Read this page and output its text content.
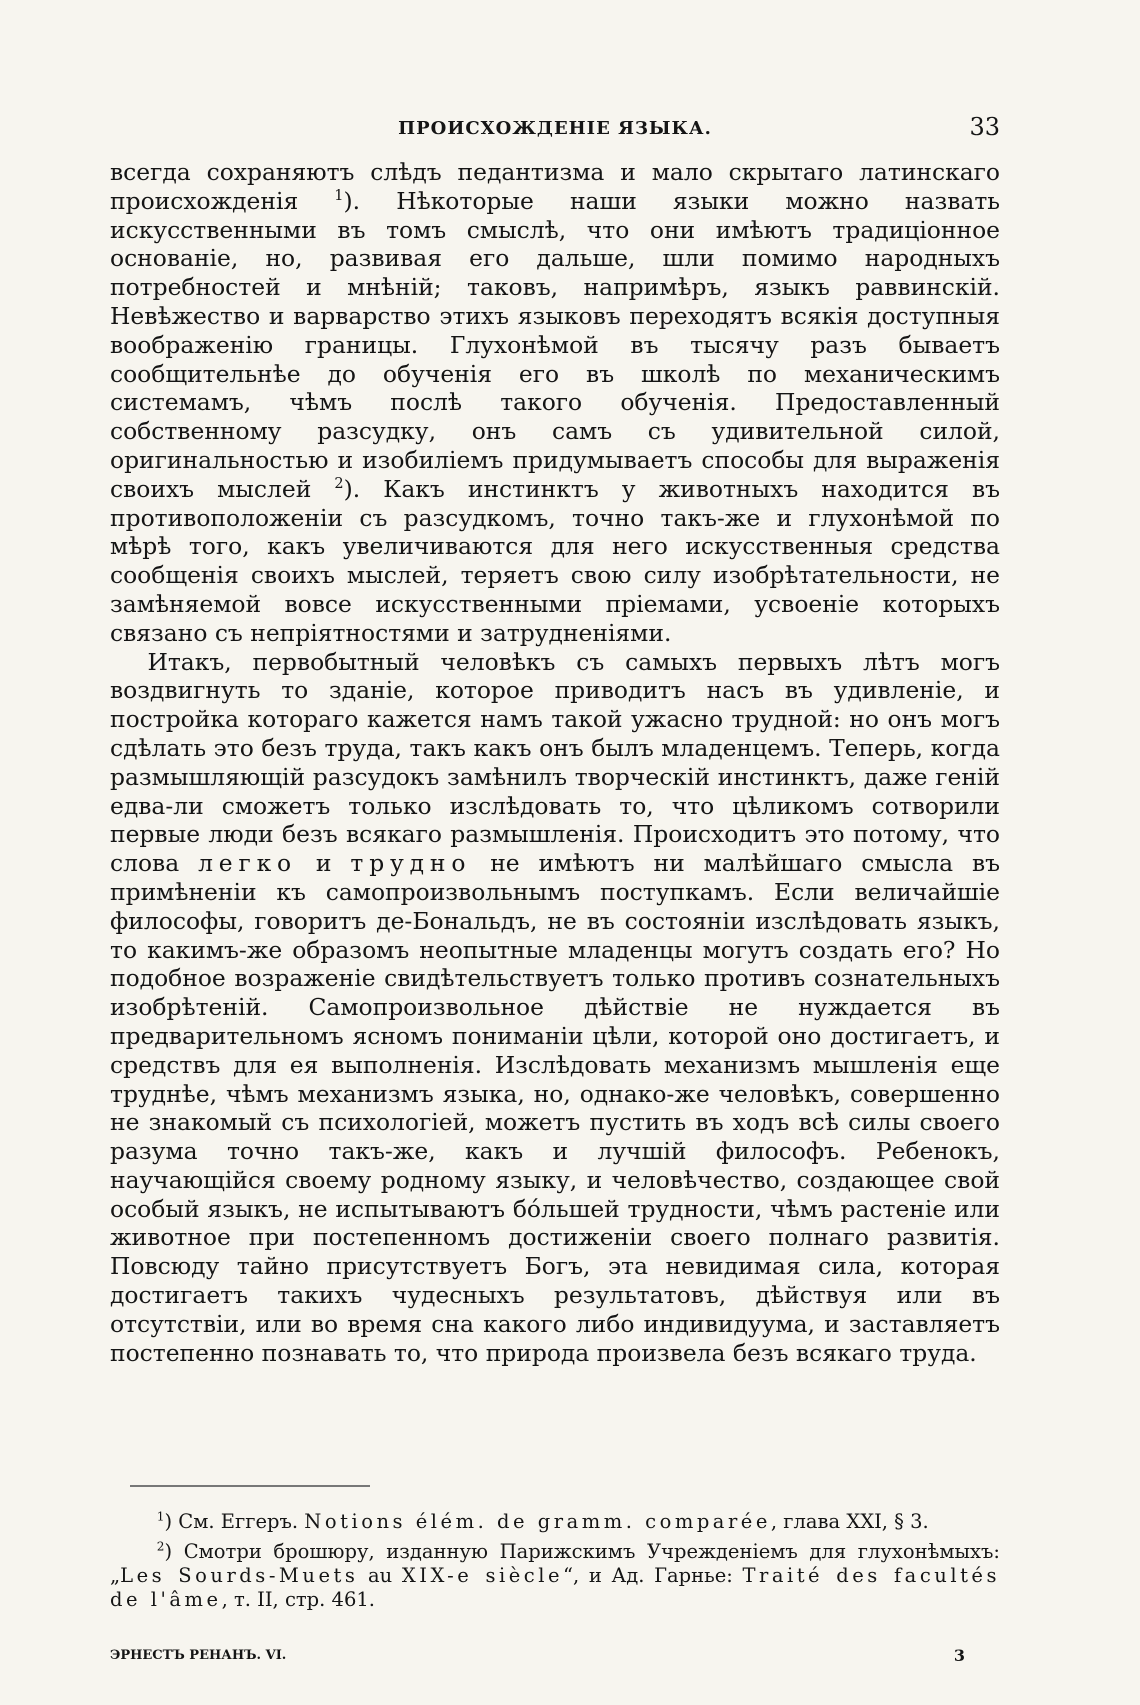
ПРОИСХОЖДЕНІЕ ЯЗЫКА.	33

всегда сохраняютъ слѣдъ педантизма и мало скрытаго латинскаго происхожденія $^1$). Нѣкоторые наши языки можно назвать искусственными въ томъ смыслѣ, что они имѣютъ традиціонное основаніе, но, развивая его дальше, шли помимо народныхъ потребностей и мнѣній; таковъ, напримѣръ, языкъ раввинскій. Невѣжество и варварство этихъ языковъ переходятъ всякія доступныя воображенію границы. Глухонѣмой въ тысячу разъ бываетъ сообщительнѣе до обученія его въ школѣ по механическимъ системамъ, чѣмъ послѣ такого обученія. Предоставленный собственному разсудку, онъ самъ съ удивительной силой, оригинальностью и изобиліемъ придумываетъ способы для выраженія своихъ мыслей $^2$). Какъ инстинктъ у животныхъ находится въ противоположеніи съ разсудкомъ, точно такъ-же и глухонѣмой по мѣрѣ того, какъ увеличиваются для него искусственныя средства сообщенія своихъ мыслей, теряетъ свою силу изобрѣтательности, не замѣняемой вовсе искусственными пріемами, усвоеніе которыхъ связано съ непріятностями и затрудненіями.

Итакъ, первобытный человѣкъ съ самыхъ первыхъ лѣтъ могъ воздвигнуть то зданіе, которое приводитъ насъ въ удивленіе, и постройка котораго кажется намъ такой ужасно трудной: но онъ могъ сдѣлать это безъ труда, такъ какъ онъ былъ младенцемъ. Теперь, когда размышляющій разсудокъ замѣнилъ творческій инстинктъ, даже геній едва-ли сможетъ только изслѣдовать то, что цѣликомъ сотворили первые люди безъ всякаго размышленія. Происходитъ это потому, что слова легко и трудно не имѣютъ ни малѣйшаго смысла въ примѣненіи къ самопроизвольнымъ поступкамъ. Если величайшіе философы, говоритъ де-Бональдъ, не въ состояніи изслѣдовать языкъ, то какимъ-же образомъ неопытные младенцы могутъ создать его? Но подобное возраженіе свидѣтельствуетъ только противъ сознательныхъ изобрѣтеній. Самопроизвольное дѣйствіе не нуждается въ предварительномъ ясномъ пониманіи цѣли, которой оно достигаетъ, и средствъ для ея выполненія. Изслѣдовать механизмъ мышленія еще труднѣе, чѣмъ механизмъ языка, но, однако-же человѣкъ, совершенно не знакомый съ психологіей, можетъ пустить въ ходъ всѣ силы своего разума точно такъ-же, какъ и лучшій философъ. Ребенокъ, научающійся своему родному языку, и человѣчество, создающее свой особый языкъ, не испытываютъ бóльшей трудности, чѣмъ растеніе или животное при постепенномъ достиженіи своего полнаго развитія. Повсюду тайно присутствуетъ Богъ, эта невидимая сила, которая достигаетъ такихъ чудесныхъ результатовъ, дѣйствуя или въ отсутствіи, или во время сна какого либо индивидуума, и заставляетъ постепенно познавать то, что природа произвела безъ всякаго труда.

$^1$) См. Еггеръ. Notions élém. de gramm. comparée, глава XXI, § 3.

$^2$) Смотри брошюру, изданную Парижскимъ Учрежденіемъ для глухонѣмыхъ: „Les Sourds-Muets au XIX-e siècle“, и Ад. Гарнье: Traité des facultés de l'âme, т. II, стр. 461.

ЭРНЕСТЪ РЕНАНЪ. VI.	3
